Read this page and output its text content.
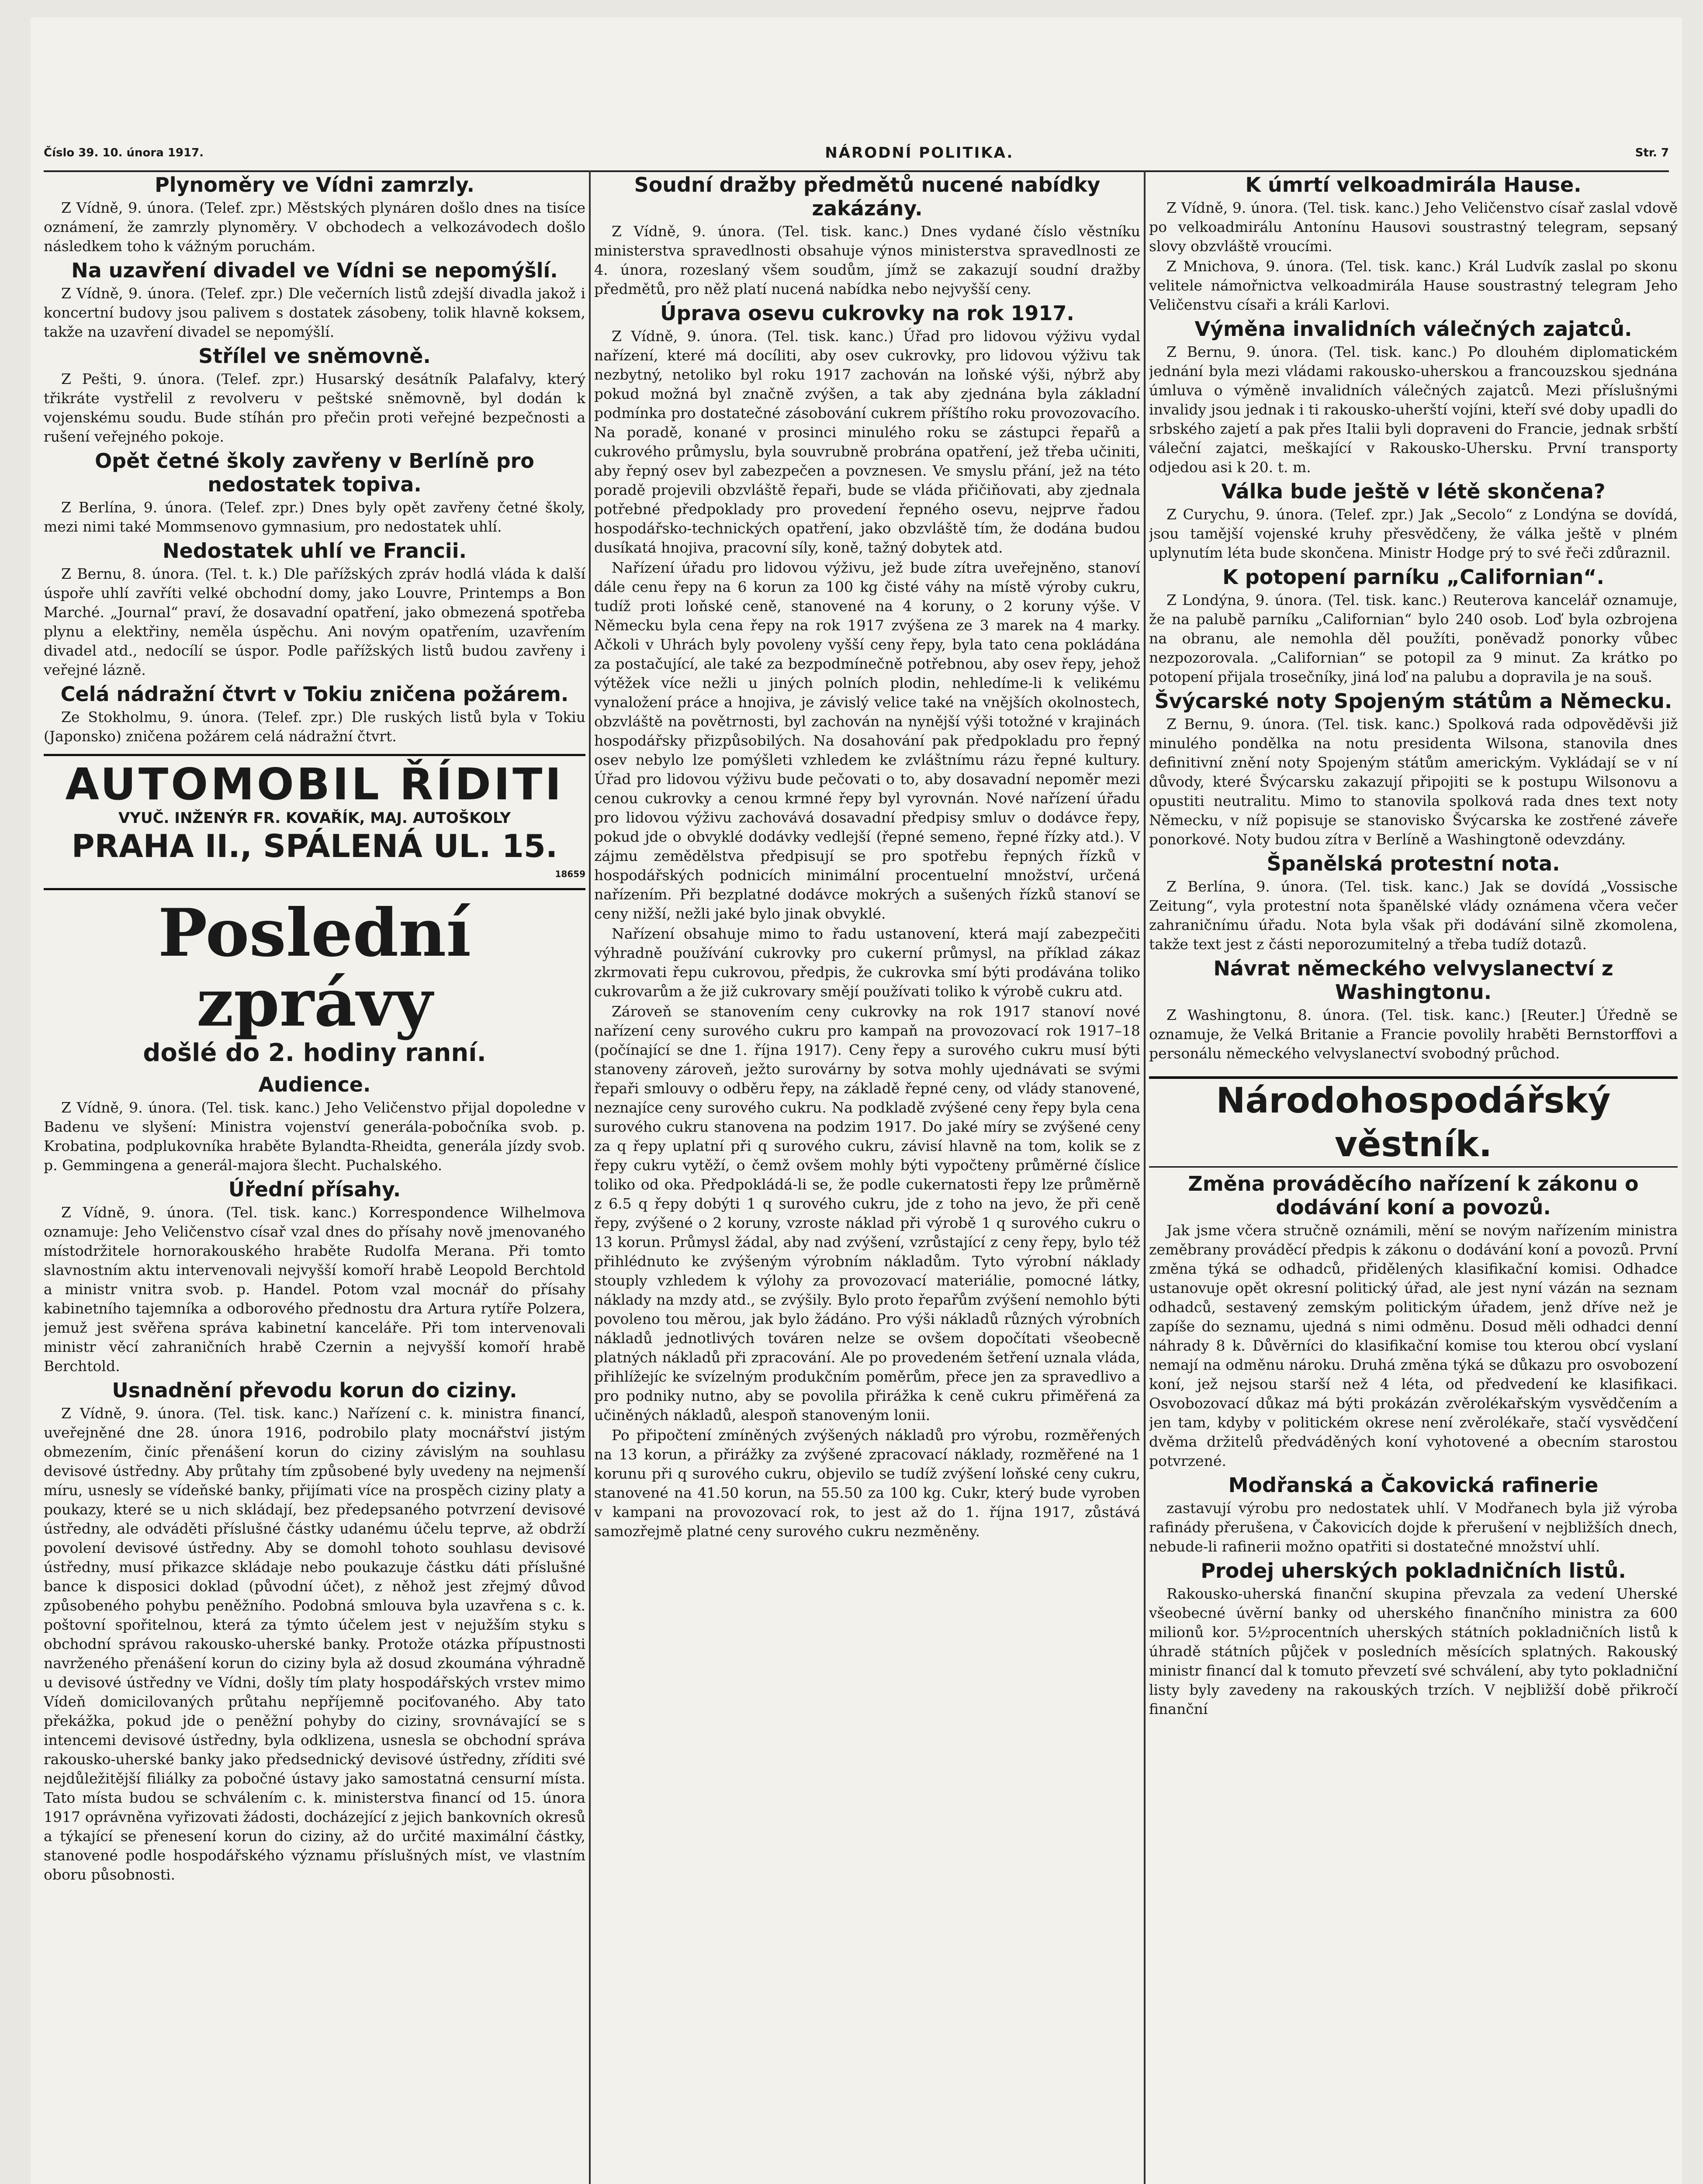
Číslo 39. 10. února 1917.	NÁRODNÍ POLITIKA.	Str. 7
Plynoměry ve Vídni zamrzly.

Z Vídně, 9. února. (Telef. zpr.) Městských plynáren došlo dnes na tisíce oznámení, že zamrzly plynoměry. V obchodech a velkozávodech došlo následkem toho k vážným poruchám.

Na uzavření divadel ve Vídni se nepomýšlí.

Z Vídně, 9. února. (Telef. zpr.) Dle večerních listů zdejší divadla jakož i koncertní budovy jsou palivem s dostatek zásobeny, tolik hlavně koksem, takže na uzavření divadel se nepomýšlí.

Střílel ve sněmovně.

Z Pešti, 9. února. (Telef. zpr.) Husarský desátník Palafalvy, který třikráte vystřelil z revolveru v peštské sněmovně, byl dodán k vojenskému soudu. Bude stíhán pro přečin proti veřejné bezpečnosti a rušení veřejného pokoje.

Opět četné školy zavřeny v Berlíně pro nedostatek topiva.

Z Berlína, 9. února. (Telef. zpr.) Dnes byly opět zavřeny četné školy, mezi nimi také Mommsenovo gymnasium, pro nedostatek uhlí.

Nedostatek uhlí ve Francii.

Z Bernu, 8. února. (Tel. t. k.) Dle pařížských zpráv hodlá vláda k další úspoře uhlí zavříti velké obchodní domy, jako Louvre, Printemps a Bon Marché. „Journal“ praví, že dosavadní opatření, jako obmezená spotřeba plynu a elektřiny, neměla úspěchu. Ani novým opatřením, uzavřením divadel atd., nedocílí se úspor. Podle pařížských listů budou zavřeny i veřejné lázně.

Celá nádražní čtvrt v Tokiu zničena požárem.

Ze Stokholmu, 9. února. (Telef. zpr.) Dle ruských listů byla v Tokiu (Japonsko) zničena požárem celá nádražní čtvrt.

AUTOMOBIL ŘÍDITI
VYUČ. INŽENÝR FR. KOVAŘÍK, MAJ. AUTOŠKOLY
PRAHA II., SPÁLENÁ UL. 15.
18659
Poslední zprávy
došlé do 2. hodiny ranní.
Audience.

Z Vídně, 9. února. (Tel. tisk. kanc.) Jeho Veličenstvo přijal dopoledne v Badenu ve slyšení: Ministra vojenství generála-pobočníka svob. p. Krobatina, podplukovníka hraběte Bylandta-Rheidta, generála jízdy svob. p. Gemmingena a generál-majora šlecht. Puchalského.

Úřední přísahy.

Z Vídně, 9. února. (Tel. tisk. kanc.) Korrespondence Wilhelmova oznamuje: Jeho Veličenstvo císař vzal dnes do přísahy nově jmenovaného místodržitele hornorakouského hraběte Rudolfa Merana. Při tomto slavnostním aktu intervenovali nejvyšší komoří hrabě Leopold Berchtold a ministr vnitra svob. p. Handel. Potom vzal mocnář do přísahy kabinetního tajemníka a odborového přednostu dra Artura rytíře Polzera, jemuž jest svěřena správa kabinetní kanceláře. Při tom intervenovali ministr věcí zahraničních hrabě Czernin a nejvyšší komoří hrabě Berchtold.

Usnadnění převodu korun do ciziny.

Z Vídně, 9. února. (Tel. tisk. kanc.) Nařízení c. k. ministra financí, uveřejněné dne 28. února 1916, podrobilo platy mocnářství jistým obmezením, činíc přenášení korun do ciziny závislým na souhlasu devisové ústředny. Aby průtahy tím způsobené byly uvedeny na nejmenší míru, usnesly se vídeňské banky, přijímati více na prospěch ciziny platy a poukazy, které se u nich skládají, bez předepsaného potvrzení devisové ústředny, ale odváděti příslušné částky udanému účelu teprve, až obdrží povolení devisové ústředny. Aby se domohl tohoto souhlasu devisové ústředny, musí přikazce skládaje nebo poukazuje částku dáti příslušné bance k disposici doklad (původní účet), z něhož jest zřejmý důvod způsobeného pohybu peněžního. Podobná smlouva byla uzavřena s c. k. poštovní spořitelnou, která za týmto účelem jest v nejužším styku s obchodní správou rakousko-uherské banky. Protože otázka přípustnosti navrženého přenášení korun do ciziny byla až dosud zkoumána výhradně u devisové ústředny ve Vídni, došly tím platy hospodářských vrstev mimo Vídeň domicilovaných průtahu nepříjemně pociťovaného. Aby tato překážka, pokud jde o peněžní pohyby do ciziny, srovnávající se s intencemi devisové ústředny, byla odklizena, usnesla se obchodní správa rakousko-uherské banky jako předsednický devisové ústředny, zříditi své nejdůležitější filiálky za pobočné ústavy jako samostatná censurní místa. Tato místa budou se schválením c. k. ministerstva financí od 15. února 1917 oprávněna vyřizovati žádosti, docházející z jejich bankovních okresů a týkající se přenesení korun do ciziny, až do určité maximální částky, stanovené podle hospodářského významu příslušných míst, ve vlastním oboru působnosti.

Soudní dražby předmětů nucené nabídky zakázány.

Z Vídně, 9. února. (Tel. tisk. kanc.) Dnes vydané číslo věstníku ministerstva spravedlnosti obsahuje výnos ministerstva spravedlnosti ze 4. února, rozeslaný všem soudům, jímž se zakazují soudní dražby předmětů, pro něž platí nucená nabídka nebo nejvyšší ceny.

Úprava osevu cukrovky na rok 1917.

Z Vídně, 9. února. (Tel. tisk. kanc.) Úřad pro lidovou výživu vydal nařízení, které má docíliti, aby osev cukrovky, pro lidovou výživu tak nezbytný, netoliko byl roku 1917 zachován na loňské výši, nýbrž aby pokud možná byl značně zvýšen, a tak aby zjednána byla základní podmínka pro dostatečné zásobování cukrem příštího roku provozovacího. Na poradě, konané v prosinci minulého roku se zástupci řepařů a cukrového průmyslu, byla souvrubně probrána opatření, jež třeba učiniti, aby řepný osev byl zabezpečen a povznesen. Ve smyslu přání, jež na této poradě projevili obzvláště řepaři, bude se vláda přičiňovati, aby zjednala potřebné předpoklady pro provedení řepného osevu, nejprve řadou hospodářsko-technických opatření, jako obzvláště tím, že dodána budou dusíkatá hnojiva, pracovní síly, koně, tažný dobytek atd.

Nařízení úřadu pro lidovou výživu, jež bude zítra uveřejněno, stanoví dále cenu řepy na 6 korun za 100 kg čisté váhy na místě výroby cukru, tudíž proti loňské ceně, stanovené na 4 koruny, o 2 koruny výše. V Německu byla cena řepy na rok 1917 zvýšena ze 3 marek na 4 marky. Ačkoli v Uhrách byly povoleny vyšší ceny řepy, byla tato cena pokládána za postačující, ale také za bezpodmínečně potřebnou, aby osev řepy, jehož výtěžek více nežli u jiných polních plodin, nehledíme-li k velikému vynaložení práce a hnojiva, je závislý velice také na vnějších okolnostech, obzvláště na povětrnosti, byl zachován na nynější výši totožné v krajinách hospodářsky přizpůsobilých. Na dosahování pak předpokladu pro řepný osev nebylo lze pomýšleti vzhledem ke zvláštnímu rázu řepné kultury. Úřad pro lidovou výživu bude pečovati o to, aby dosavadní nepoměr mezi cenou cukrovky a cenou krmné řepy byl vyrovnán. Nové nařízení úřadu pro lidovou výživu zachovává dosavadní předpisy smluv o dodávce řepy, pokud jde o obvyklé dodávky vedlejší (řepné semeno, řepné řízky atd.). V zájmu zemědělstva předpisují se pro spotřebu řepných řízků v hospodářských podnicích minimální procentuelní množství, určená nařízením. Při bezplatné dodávce mokrých a sušených řízků stanoví se ceny nižší, nežli jaké bylo jinak obvyklé.

Nařízení obsahuje mimo to řadu ustanovení, která mají zabezpečiti výhradně používání cukrovky pro cukerní průmysl, na příklad zákaz zkrmovati řepu cukrovou, předpis, že cukrovka smí býti prodávána toliko cukrovarům a že již cukrovary smějí používati toliko k výrobě cukru atd.

Zároveň se stanovením ceny cukrovky na rok 1917 stanoví nové nařízení ceny surového cukru pro kampaň na provozovací rok 1917–18 (počínající se dne 1. října 1917). Ceny řepy a surového cukru musí býti stanoveny zároveň, ježto surovárny by sotva mohly ujednávati se svými řepaři smlouvy o odběru řepy, na základě řepné ceny, od vlády stanovené, neznajíce ceny surového cukru. Na podkladě zvýšené ceny řepy byla cena surového cukru stanovena na podzim 1917. Do jaké míry se zvýšené ceny za q řepy uplatní při q surového cukru, závisí hlavně na tom, kolik se z řepy cukru vytěží, o čemž ovšem mohly býti vypočteny průměrné číslice toliko od oka. Předpokládá-li se, že podle cukernatosti řepy lze průměrně z 6.5 q řepy dobýti 1 q surového cukru, jde z toho na jevo, že při ceně řepy, zvýšené o 2 koruny, vzroste náklad při výrobě 1 q surového cukru o 13 korun. Průmysl žádal, aby nad zvýšení, vzrůstající z ceny řepy, bylo též přihlédnuto ke zvýšeným výrobním nákladům. Tyto výrobní náklady stouply vzhledem k výlohy za provozovací materiálie, pomocné látky, náklady na mzdy atd., se zvýšily. Bylo proto řepařům zvýšení nemohlo býti povoleno tou měrou, jak bylo žádáno. Pro výši nákladů různých výrobních nákladů jednotlivých továren nelze se ovšem dopočítati všeobecně platných nákladů při zpracování. Ale po provedeném šetření uznala vláda, přihlížejíc ke svízelným produkčním poměrům, přece jen za spravedlivo a pro podniky nutno, aby se povolila přirážka k ceně cukru přiměřená za učiněných nákladů, alespoň stanoveným lonii.

Po připočtení zmíněných zvýšených nákladů pro výrobu, rozměřených na 13 korun, a přirážky za zvýšené zpracovací náklady, rozměřené na 1 korunu při q surového cukru, objevilo se tudíž zvýšení loňské ceny cukru, stanovené na 41.50 korun, na 55.50 za 100 kg. Cukr, který bude vyroben v kampani na provozovací rok, to jest až do 1. října 1917, zůstává samozřejmě platné ceny surového cukru nezměněny.

K úmrtí velkoadmirála Hause.

Z Vídně, 9. února. (Tel. tisk. kanc.) Jeho Veličenstvo císař zaslal vdově po velkoadmirálu Antonínu Hausovi soustrastný telegram, sepsaný slovy obzvláště vroucími.

Z Mnichova, 9. února. (Tel. tisk. kanc.) Král Ludvík zaslal po skonu velitele námořnictva velkoadmirála Hause soustrastný telegram Jeho Veličenstvu císaři a králi Karlovi.

Výměna invalidních válečných zajatců.

Z Bernu, 9. února. (Tel. tisk. kanc.) Po dlouhém diplomatickém jednání byla mezi vládami rakousko-uherskou a francouzskou sjednána úmluva o výměně invalidních válečných zajatců. Mezi příslušnými invalidy jsou jednak i ti rakousko-uherští vojíni, kteří své doby upadli do srbského zajetí a pak přes Italii byli dopraveni do Francie, jednak srbští váleční zajatci, meškající v Rakousko-Uhersku. První transporty odjedou asi k 20. t. m.

Válka bude ještě v létě skončena?

Z Curychu, 9. února. (Telef. zpr.) Jak „Secolo“ z Londýna se dovídá, jsou tamější vojenské kruhy přesvědčeny, že válka ještě v plném uplynutím léta bude skončena. Ministr Hodge prý to své řeči zdůraznil.

K potopení parníku „Californian“.

Z Londýna, 9. února. (Tel. tisk. kanc.) Reuterova kancelář oznamuje, že na palubě parníku „Californian“ bylo 240 osob. Loď byla ozbrojena na obranu, ale nemohla děl použíti, poněvadž ponorky vůbec nezpozorovala. „Californian“ se potopil za 9 minut. Za krátko po potopení přijala trosečníky, jiná loď na palubu a dopravila je na souš.

Švýcarské noty Spojeným státům a Německu.

Z Bernu, 9. února. (Tel. tisk. kanc.) Spolková rada odpověděvši již minulého pondělka na notu presidenta Wilsona, stanovila dnes definitivní znění noty Spojeným státům americkým. Vykládají se v ní důvody, které Švýcarsku zakazují připojiti se k postupu Wilsonovu a opustiti neutralitu. Mimo to stanovila spolková rada dnes text noty Německu, v níž popisuje se stanovisko Švýcarska ke zostřené záveře ponorkové. Noty budou zítra v Berlíně a Washingtoně odevzdány.

Španělská protestní nota.

Z Berlína, 9. února. (Tel. tisk. kanc.) Jak se dovídá „Vossische Zeitung“, vyla protestní nota španělské vlády oznámena včera večer zahraničnímu úřadu. Nota byla však při dodávání silně zkomolena, takže text jest z části neporozumitelný a třeba tudíž dotazů.

Návrat německého velvyslanectví z Washingtonu.

Z Washingtonu, 8. února. (Tel. tisk. kanc.) [Reuter.] Úředně se oznamuje, že Velká Britanie a Francie povolily hraběti Bernstorffovi a personálu německého velvyslanectví svobodný průchod.

Národohospodářský věstník.
Změna prováděcího nařízení k zákonu o dodávání koní a povozů.

Jak jsme včera stručně oznámili, mění se novým nařízením ministra zeměbrany prováděcí předpis k zákonu o dodávání koní a povozů. První změna týká se odhadců, přidělených klasifikační komisi. Odhadce ustanovuje opět okresní politický úřad, ale jest nyní vázán na seznam odhadců, sestavený zemským politickým úřadem, jenž dříve než je zapíše do seznamu, ujedná s nimi odměnu. Dosud měli odhadci denní náhrady 8 k. Důvěrníci do klasifikační komise tou kterou obcí vyslaní nemají na odměnu nároku. Druhá změna týká se důkazu pro osvobození koní, jež nejsou starší než 4 léta, od předvedení ke klasifikaci. Osvobozovací důkaz má býti prokázán zvěrolékařským vysvědčením a jen tam, kdyby v politickém okrese není zvěrolékaře, stačí vysvědčení dvěma držitelů předváděných koní vyhotovené a obecním starostou potvrzené.

Modřanská a Čakovická rafinerie

zastavují výrobu pro nedostatek uhlí. V Modřanech byla již výroba rafinády přerušena, v Čakovicích dojde k přerušení v nejbližších dnech, nebude-li rafinerii možno opatřiti si dostatečné množství uhlí.

Prodej uherských pokladničních listů.

Rakousko-uherská finanční skupina převzala za vedení Uherské všeobecné úvěrní banky od uherského finančního ministra za 600 milionů kor. 5½procentních uherských státních pokladničních listů k úhradě státních půjček v posledních měsících splatných. Rakouský ministr financí dal k tomuto převzetí své schválení, aby tyto pokladniční listy byly zavedeny na rakouských trzích. V nejbližší době přikročí finanční
